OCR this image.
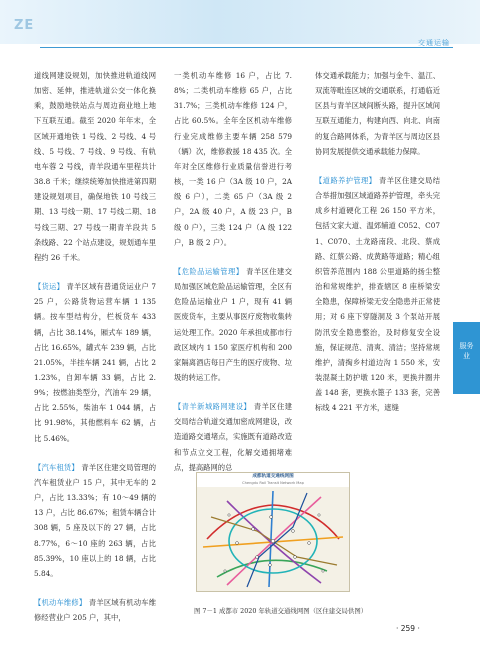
ZE
交通运输

道线网建设规划，加快推进轨道线网加密、延伸，推进轨道公交一体化换乘，鼓励地铁站点与周边商业地上地下互联互通。截至 2020 年年末，全区域开通地铁 1 号线、2 号线、4 号线、5 号线、7 号线、9 号线、有轨电车蓉 2 号线，青羊段通车里程共计 38.8 千米；继续统筹加快推进第四期建设规划项目，确保地铁 10 号线三期、13 号线一期、17 号线二期、18 号线三期、27 号线一期青羊段共 5 条线路、22 个站点建设，规划通车里程约 26 千米。

【货运】 青羊区域有普通货运业户 725 户，公路货物运营车辆 1 135 辆。按车型结构分，栏板货车 433 辆，占比 38.14%，厢式车 189 辆，占比 16.65%，罐式车 239 辆，占比 21.05%，半挂车辆 241 辆，占比 21.23%，自卸车辆 33 辆，占比 2.9%；按燃油类型分，汽油车 29 辆，占比 2.55%，柴油车 1 044 辆，占比 91.98%，其他燃料车 62 辆，占比 5.46%。

【汽车租赁】 青羊区住建交局管理的汽车租赁业户 15 户，其中无车的 2 户，占比 13.33%；有 10～49 辆的 13 户，占比 86.67%；租赁车辆合计 308 辆，5 座及以下的 27 辆，占比 8.77%，6～10 座的 263 辆，占比 85.39%，10 座以上的 18 辆，占比 5.84。

【机动车维修】 青羊区域有机动车维修经营业户 205 户，其中，

一类机动车维修 16 户，占比 7.8%；二类机动车维修 65 户，占比 31.7%；三类机动车维修 124 户，占比 60.5%。全年全区机动车维修行业完成维修主要车辆 258 579（辆）次，维修救援 18 435 次。全年对全区维修行业质量信誉进行考核，一类 16 户（3A 级 10 户，2A 级 6 户），二类 65 户（3A 级 2 户，2A 级 40 户，A 级 23 户，B 级 0 户），三类 124 户（A 级 122 户，B 级 2 户）。

【危险品运输管理】 青羊区住建交局加强区域危险品运输管理，全区有危险品运输业户 1 户，现有 41 辆医废货车，主要从事医疗废物收集转运处理工作。2020 年承担成都市行政区域内 1 150 家医疗机构和 200 家隔离酒店每日产生的医疗废物、垃圾的转运工作。

【青羊新城路网建设】 青羊区住建交局结合轨道交通加密成网建设，改造道路交通堵点，实施既有道路改造和节点立交工程，化解交通拥堵难点，提高路网的总

体交通承载能力；加强与金牛、温江、双流等毗连区域的交通联系，打通临近区县与青羊区域间断头路，提升区域间互联互通能力，构建向西、向北、向南的复合路网体系，为青羊区与周边区县协同发展提供交通承载能力保障。

【道路养护管理】 青羊区住建交局结合举措加强区域道路养护管理，牵头完成乡村道硬化工程 26 150 平方米，包括文家大道、温郊辅道 C052、C071、C070、土龙路南段、北段、蔡成路、红蔡公路、成黄路等道路；精心组织管养范围内 188 公里道路的扬尘整治和常规维护，排查辖区 8 座桥梁安全隐患，保障桥梁无安全隐患并正常使用；对 6 座下穿隧洞及 3 个泵站开展防汛安全隐患整治，及时修复安全设施，保证规范、清爽、清洁；坚持常规维护，清掏乡村道边沟 1 550 米，安装混凝土防护墩 120 米，更换井圈井盖 148 套，更换水篦子 133 套，完善标线 4 221 平方米，遮缝

成都轨道交通线网图
Chengdu Rail Transit Network Map
图 7－1 成都市 2020 年轨道交通线网图（区住建交局供图）
服务业
· 259 ·
